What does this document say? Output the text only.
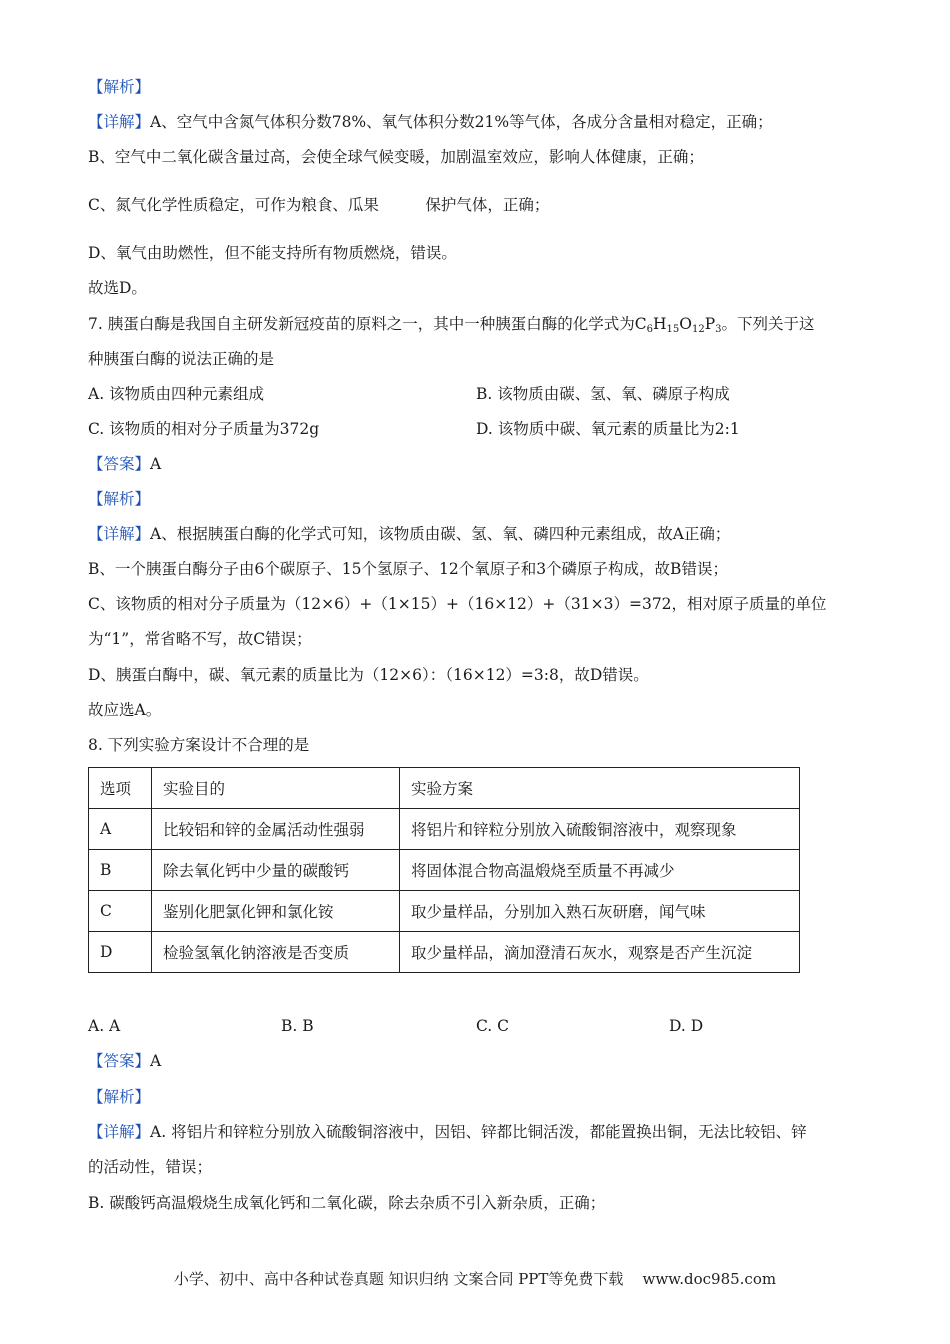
【解析】
【详解】A、空气中含氮气体积分数78%、氧气体积分数21%等气体，各成分含量相对稳定，正确；
B、空气中二氧化碳含量过高，会使全球气候变暖，加剧温室效应，影响人体健康，正确；
C、氮气化学性质稳定，可作为粮食、瓜果　　　保护气体，正确；
D、氧气由助燃性，但不能支持所有物质燃烧，错误。
故选D。
7. 胰蛋白酶是我国自主研发新冠疫苗的原料之一，其中一种胰蛋白酶的化学式为$C_6H_{15}O_{12}P_3$。下列关于这
种胰蛋白酶的说法正确的是
A. 该物质由四种元素组成	B. 该物质由碳、氢、氧、磷原子构成
C. 该物质的相对分子质量为372g	D. 该物质中碳、氧元素的质量比为2:1
【答案】A
【解析】
【详解】A、根据胰蛋白酶的化学式可知，该物质由碳、氢、氧、磷四种元素组成，故A正确；
B、一个胰蛋白酶分子由6个碳原子、15个氢原子、12个氧原子和3个磷原子构成，故B错误；
C、该物质的相对分子质量为（12×6）+（1×15）+（16×12）+（31×3）=372，相对原子质量的单位
为“1”，常省略不写，故C错误；
D、胰蛋白酶中，碳、氧元素的质量比为（12×6）：（16×12）=3:8，故D错误。
故应选A。
8. 下列实验方案设计不合理的是
选项	实验目的	实验方案
A	比较铝和锌的金属活动性强弱	将铝片和锌粒分别放入硫酸铜溶液中，观察现象
B	除去氧化钙中少量的碳酸钙	将固体混合物高温煅烧至质量不再减少
C	鉴别化肥氯化钾和氯化铵	取少量样品，分别加入熟石灰研磨，闻气味
D	检验氢氧化钠溶液是否变质	取少量样品，滴加澄清石灰水，观察是否产生沉淀
A. A	B. B	C. C	D. D
【答案】A
【解析】
【详解】A. 将铝片和锌粒分别放入硫酸铜溶液中，因铝、锌都比铜活泼，都能置换出铜，无法比较铝、锌
的活动性，错误；
B. 碳酸钙高温煅烧生成氧化钙和二氧化碳，除去杂质不引入新杂质，正确；
小学、初中、高中各种试卷真题 知识归纳 文案合同 PPT等免费下载 www.doc985.com
